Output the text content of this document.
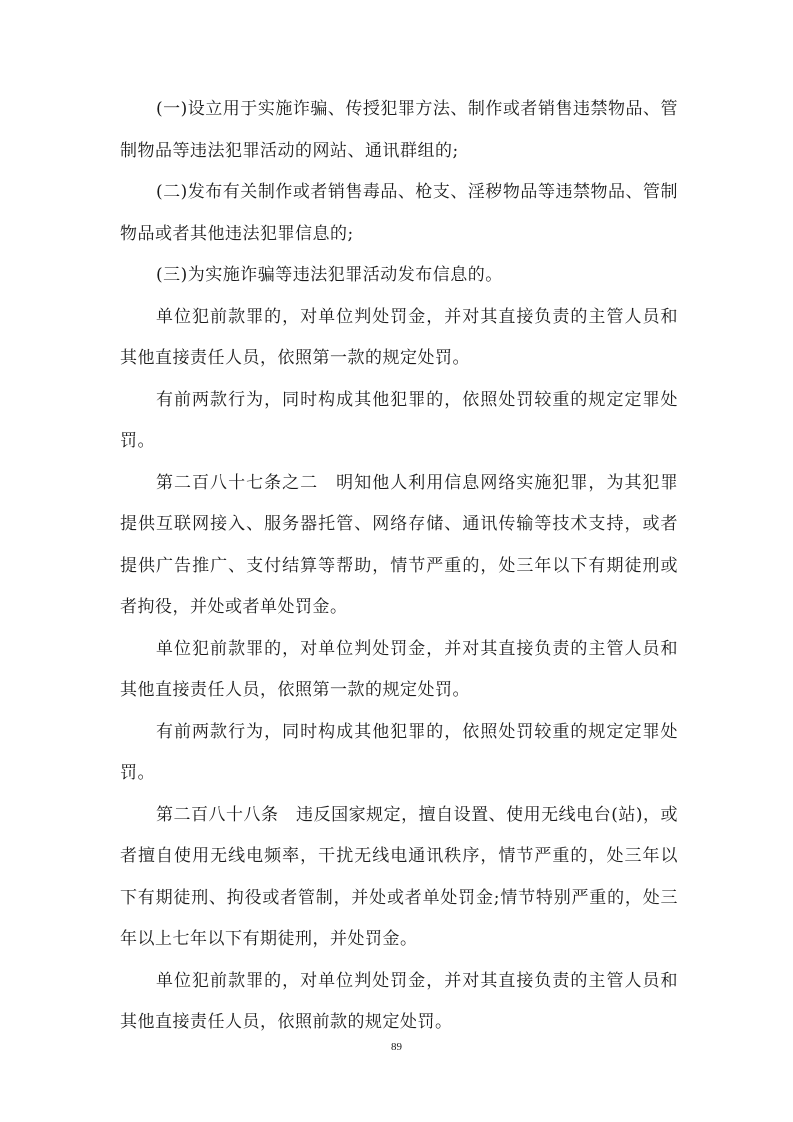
(一)设立用于实施诈骗、传授犯罪方法、制作或者销售违禁物品、管制物品等违法犯罪活动的网站、通讯群组的;

(二)发布有关制作或者销售毒品、枪支、淫秽物品等违禁物品、管制物品或者其他违法犯罪信息的;

(三)为实施诈骗等违法犯罪活动发布信息的。

单位犯前款罪的，对单位判处罚金，并对其直接负责的主管人员和其他直接责任人员，依照第一款的规定处罚。

有前两款行为，同时构成其他犯罪的，依照处罚较重的规定定罪处罚。

第二百八十七条之二　明知他人利用信息网络实施犯罪，为其犯罪提供互联网接入、服务器托管、网络存储、通讯传输等技术支持，或者提供广告推广、支付结算等帮助，情节严重的，处三年以下有期徒刑或者拘役，并处或者单处罚金。

单位犯前款罪的，对单位判处罚金，并对其直接负责的主管人员和其他直接责任人员，依照第一款的规定处罚。

有前两款行为，同时构成其他犯罪的，依照处罚较重的规定定罪处罚。

第二百八十八条　违反国家规定，擅自设置、使用无线电台(站)，或者擅自使用无线电频率，干扰无线电通讯秩序，情节严重的，处三年以下有期徒刑、拘役或者管制，并处或者单处罚金;情节特别严重的，处三年以上七年以下有期徒刑，并处罚金。

单位犯前款罪的，对单位判处罚金，并对其直接负责的主管人员和其他直接责任人员，依照前款的规定处罚。

89
